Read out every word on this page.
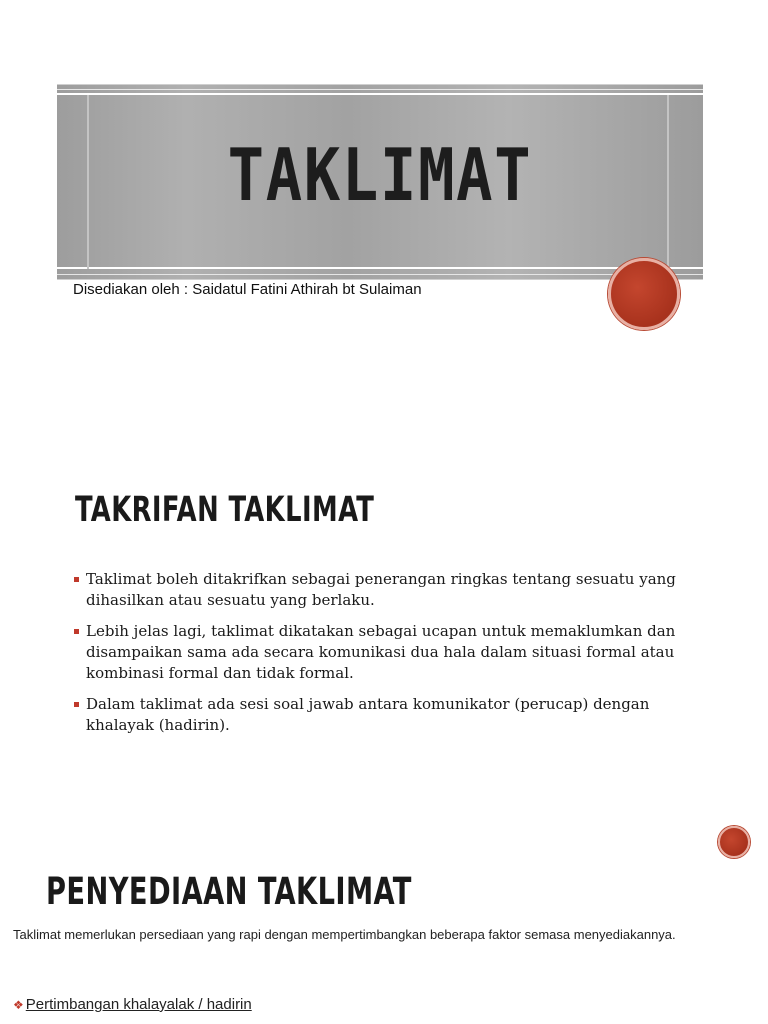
TAKLIMAT
Disediakan oleh : Saidatul Fatini Athirah bt Sulaiman
TAKRIFAN TAKLIMAT
Taklimat boleh ditakrifkan sebagai penerangan ringkas tentang sesuatu yang dihasilkan atau sesuatu yang berlaku.
Lebih jelas lagi, taklimat dikatakan sebagai ucapan untuk memaklumkan dan disampaikan sama ada secara komunikasi dua hala dalam situasi formal atau kombinasi formal dan tidak formal.
Dalam taklimat ada sesi soal jawab antara komunikator (perucap) dengan khalayak (hadirin).
PENYEDIAAN TAKLIMAT
Taklimat memerlukan persediaan yang rapi dengan mempertimbangkan beberapa faktor semasa menyediakannya.
❖ Pertimbangan khalayalak / hadirin
